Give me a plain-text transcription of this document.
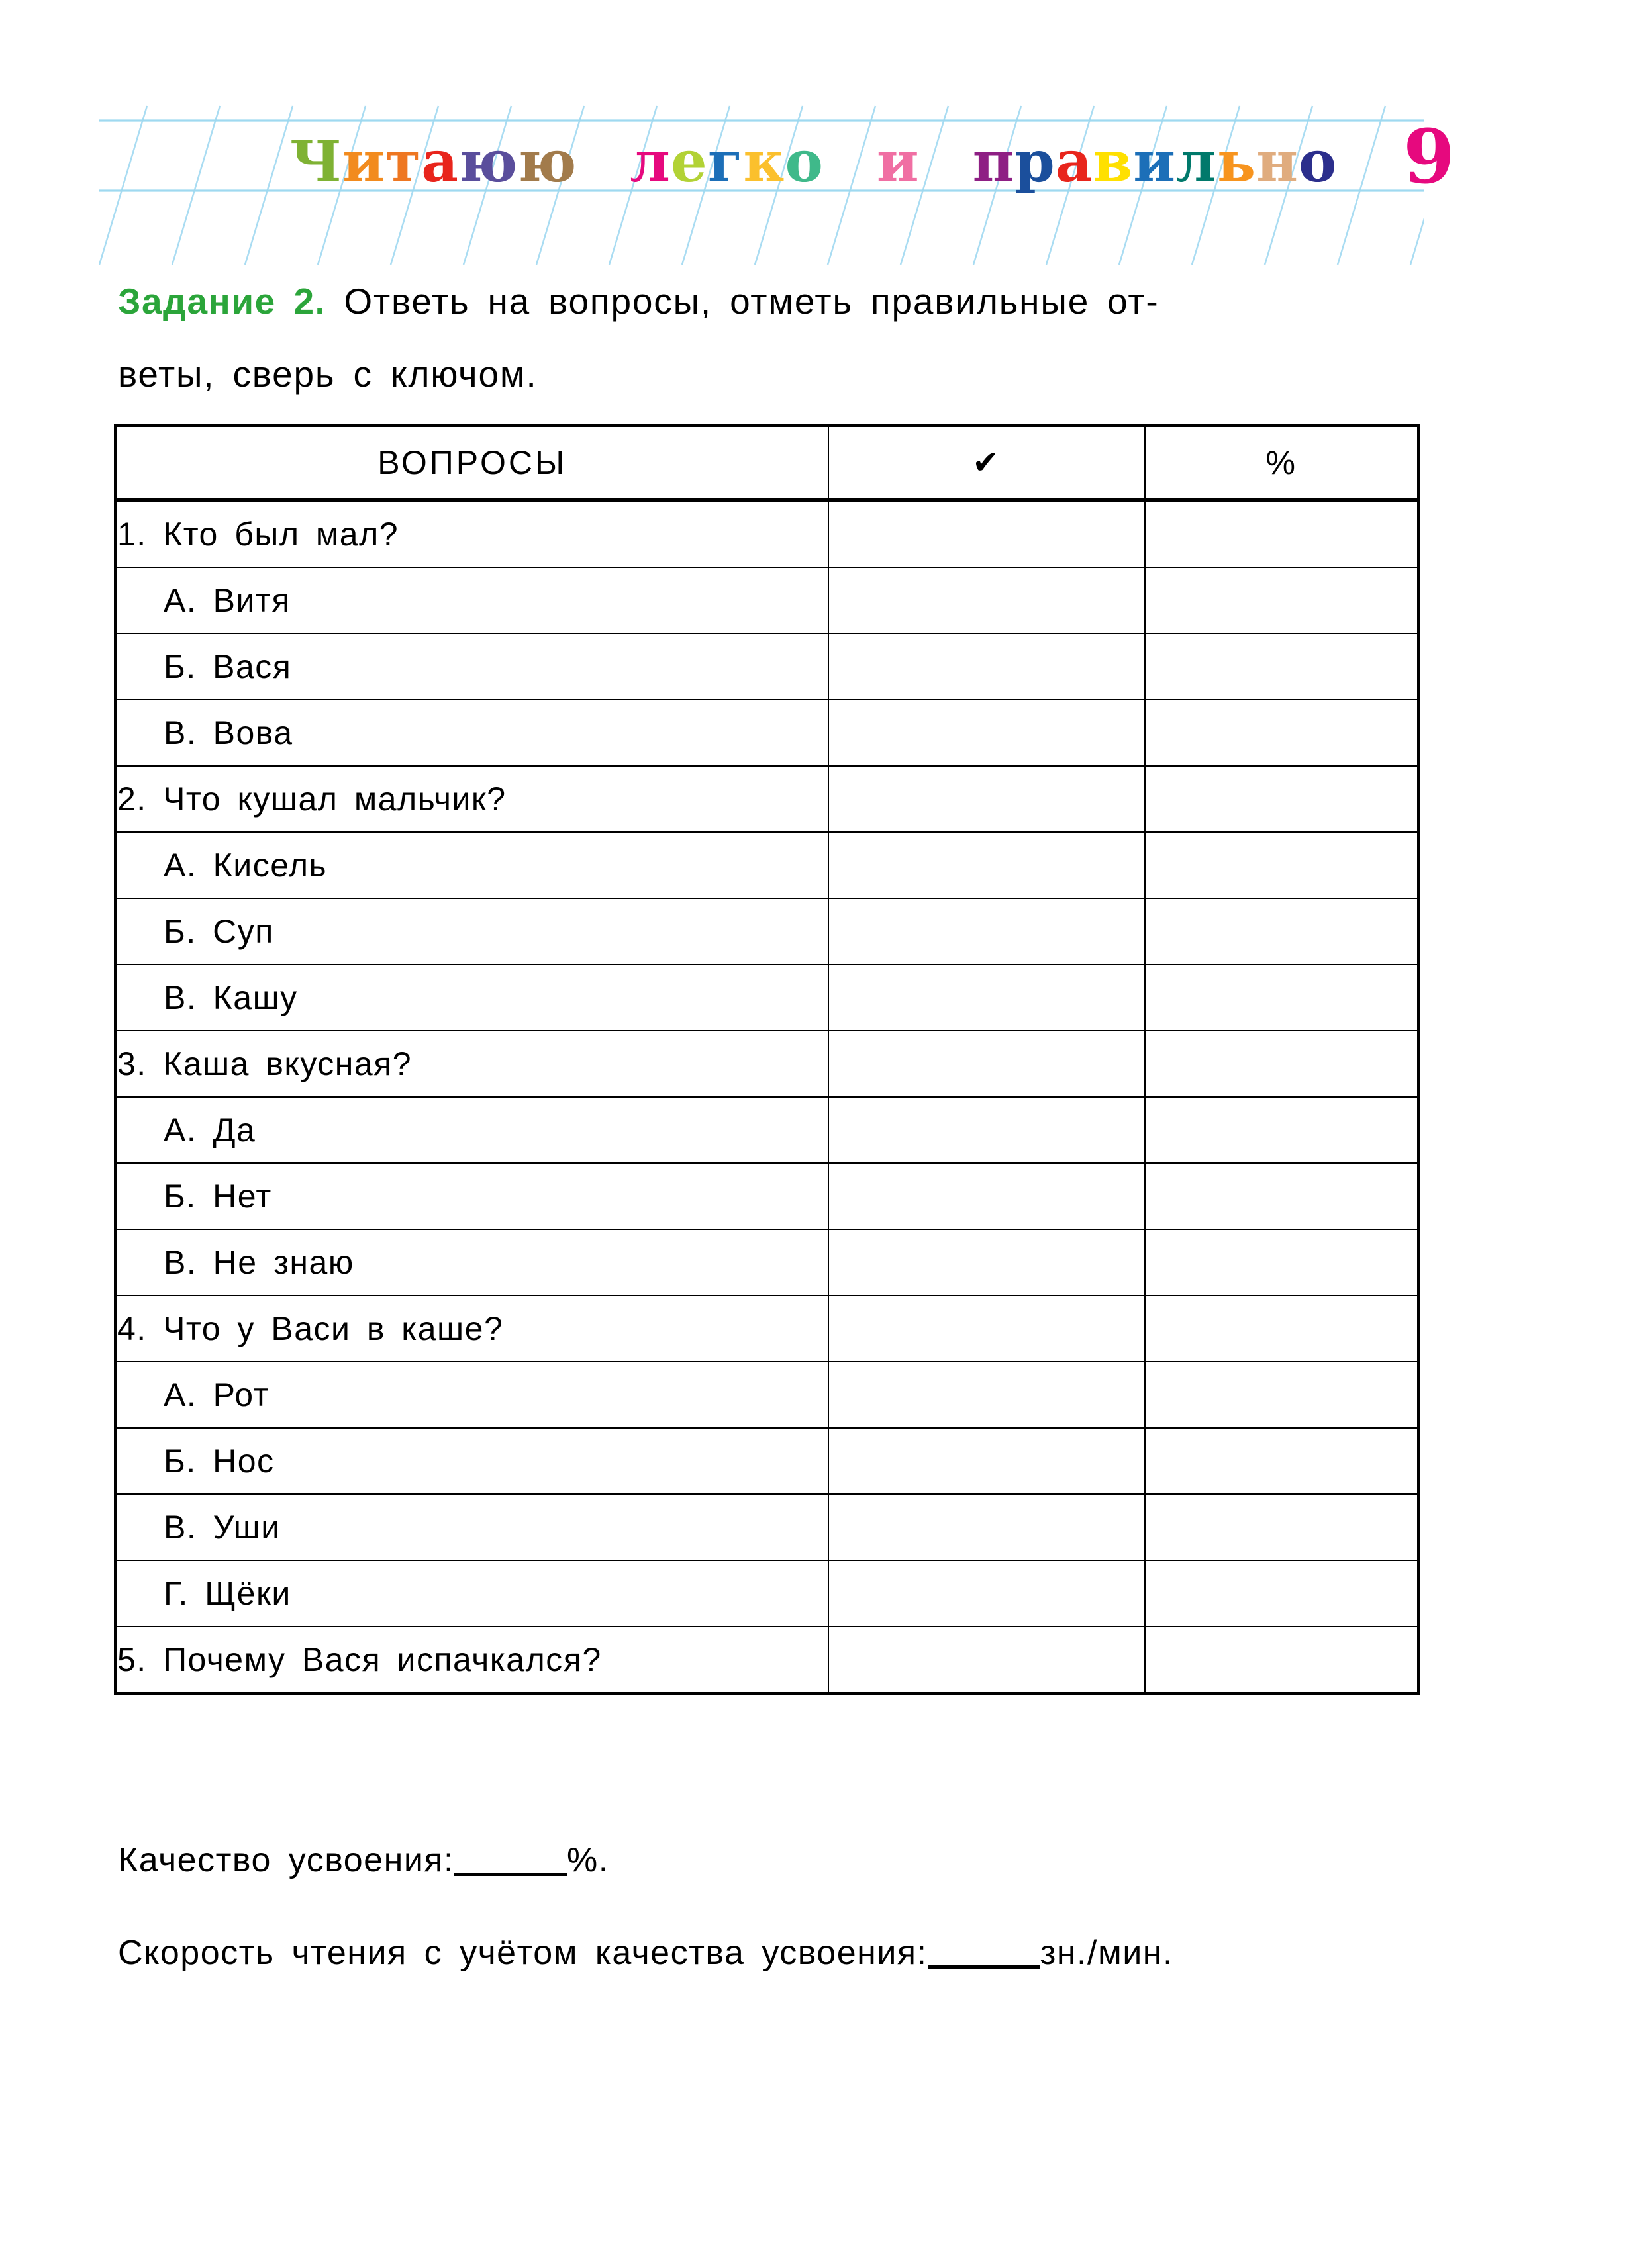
Читаюю легко и правильно 9
Задание 2. Ответь на вопросы, отметь правильные от-
веты, сверь с ключом.
ВОПРОСЫ	✔	%
1. Кто был мал?		
А. Витя		
Б. Вася		
В. Вова		
2. Что кушал мальчик?		
А. Кисель		
Б. Суп		
В. Кашу		
3. Каша вкусная?		
А. Да		
Б. Нет		
В. Не знаю		
4. Что у Васи в каше?		
А. Рот		
Б. Нос		
В. Уши		
Г. Щёки		
5. Почему Вася испачкался?		
Качество усвоения:	%.
Скорость чтения с учётом качества усвоения:	зн./мин.
